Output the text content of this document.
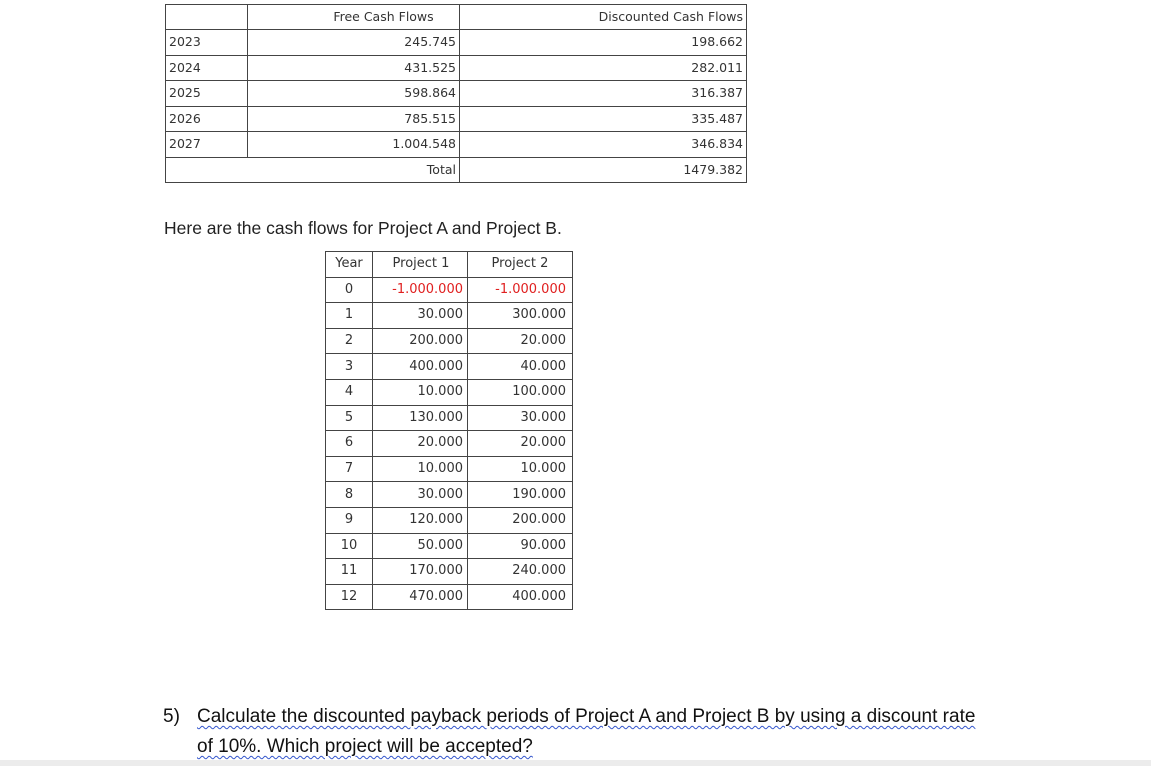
	Free Cash Flows	Discounted Cash Flows
2023	245.745	198.662
2024	431.525	282.011
2025	598.864	316.387
2026	785.515	335.487
2027	1.004.548	346.834
	Total	1479.382
Here are the cash flows for Project A and Project B.
Year	Project 1	Project 2
0	-1.000.000	-1.000.000
1	30.000	300.000
2	200.000	20.000
3	400.000	40.000
4	10.000	100.000
5	130.000	30.000
6	20.000	20.000
7	10.000	10.000
8	30.000	190.000
9	120.000	200.000
10	50.000	90.000
11	170.000	240.000
12	470.000	400.000
5) Calculate the discounted payback periods of Project A and Project B by using a discount rate
of 10%. Which project will be accepted?
